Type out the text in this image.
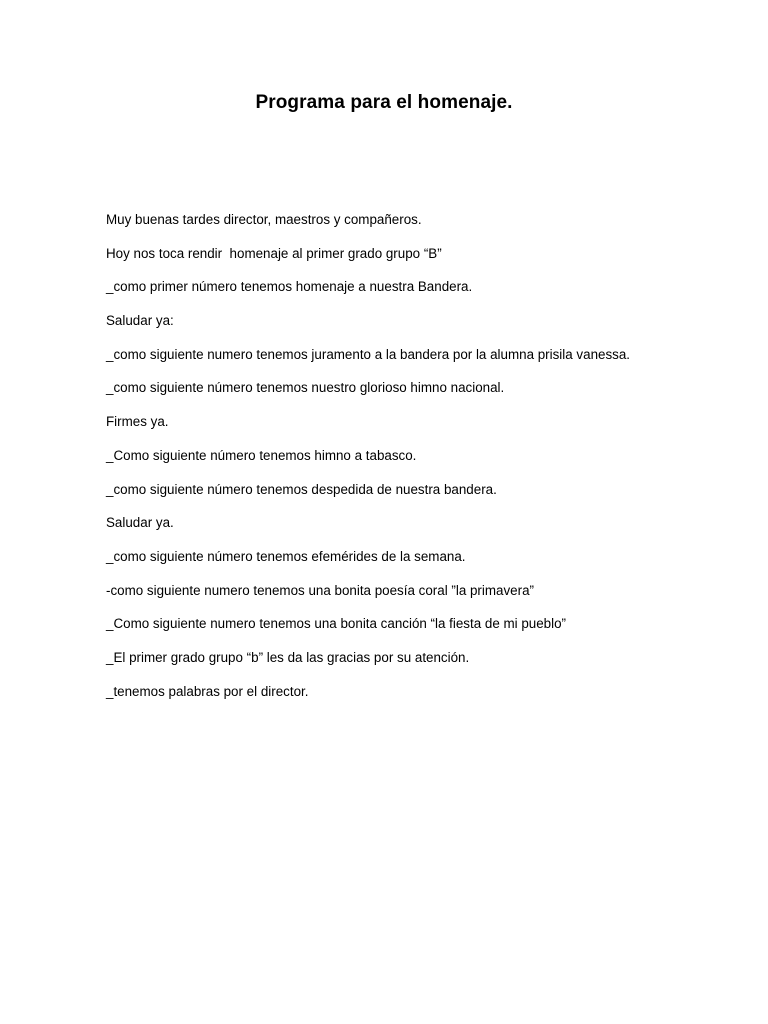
Programa para el homenaje.
Muy buenas tardes director, maestros y compañeros.
Hoy nos toca rendir  homenaje al primer grado grupo “B”
_como primer número tenemos homenaje a nuestra Bandera.
Saludar ya:
_como siguiente numero tenemos juramento a la bandera por la alumna prisila vanessa.
_como siguiente número tenemos nuestro glorioso himno nacional.
Firmes ya.
_Como siguiente número tenemos himno a tabasco.
_como siguiente número tenemos despedida de nuestra bandera.
Saludar ya.
_como siguiente número tenemos efemérides de la semana.
-como siguiente numero tenemos una bonita poesía coral ”la primavera”
_Como siguiente numero tenemos una bonita canción “la fiesta de mi pueblo”
_El primer grado grupo “b” les da las gracias por su atención.
_tenemos palabras por el director.
